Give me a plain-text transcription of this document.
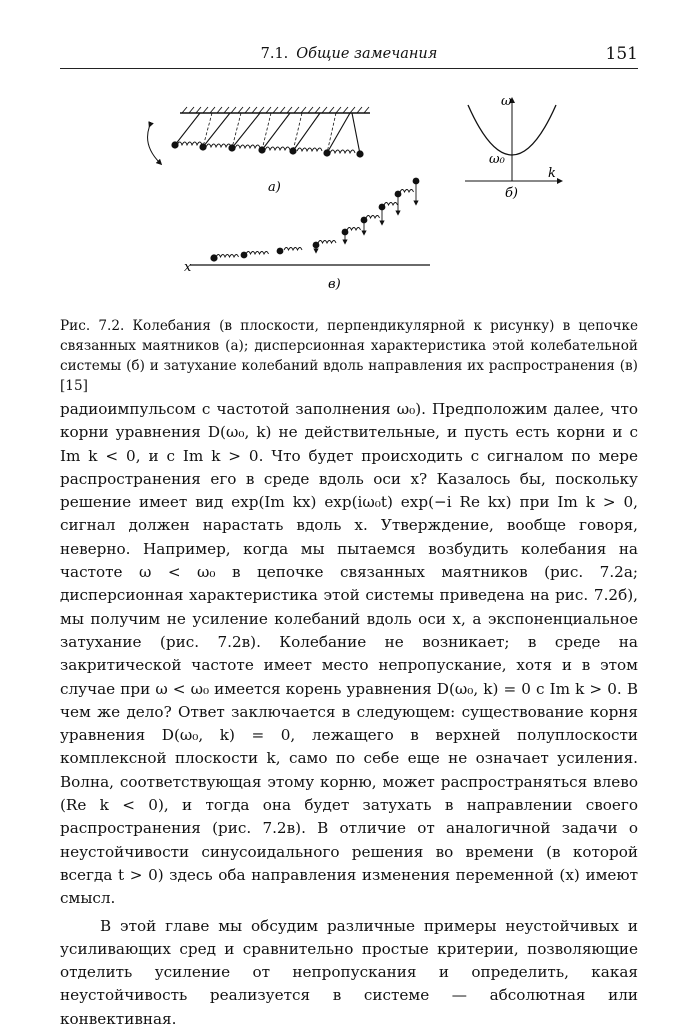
7.1. Общие замечания	151
а)
ω
ω₀
k
б)
x
в)
Рис. 7.2. Колебания (в плоскости, перпендикулярной к рисунку) в цепочке связанных маятников (а); дисперсионная характеристика этой колебательной системы (б) и затухание колебаний вдоль направления их распространения (в) [15]

радиоимпульсом с частотой заполнения ω₀). Предположим далее, что корни уравнения D(ω₀, k) не действительные, и пусть есть корни и с Im k < 0, и с Im k > 0. Что будет происходить с сигналом по мере распространения его в среде вдоль оси x? Казалось бы, поскольку решение имеет вид exp(Im kx) exp(iω₀t) exp(−i Re kx) при Im k > 0, сигнал должен нарастать вдоль x. Утверждение, вообще говоря, неверно. Например, когда мы пытаемся возбудить колебания на частоте ω < ω₀ в цепочке связанных маятников (рис. 7.2а; дисперсионная характеристика этой системы приведена на рис. 7.2б), мы получим не усиление колебаний вдоль оси x, а экспоненциальное затухание (рис. 7.2в). Колебание не возникает; в среде на закритической частоте имеет место непропускание, хотя и в этом случае при ω < ω₀ имеется корень уравнения D(ω₀, k) = 0 с Im k > 0. В чем же дело? Ответ заключается в следующем: существование корня уравнения D(ω₀, k) = 0, лежащего в верхней полуплоскости комплексной плоскости k, само по себе еще не означает усиления. Волна, соответствующая этому корню, может распространяться влево (Re k < 0), и тогда она будет затухать в направлении своего распространения (рис. 7.2в). В отличие от аналогичной задачи о неустойчивости синусоидального решения во времени (в которой всегда t > 0) здесь оба направления изменения переменной (x) имеют смысл.

В этой главе мы обсудим различные примеры неустойчивых и усиливающих сред и сравнительно простые критерии, позволяющие отделить усиление от непропускания и определить, какая неустойчивость реализуется в системе — абсолютная или конвективная.
